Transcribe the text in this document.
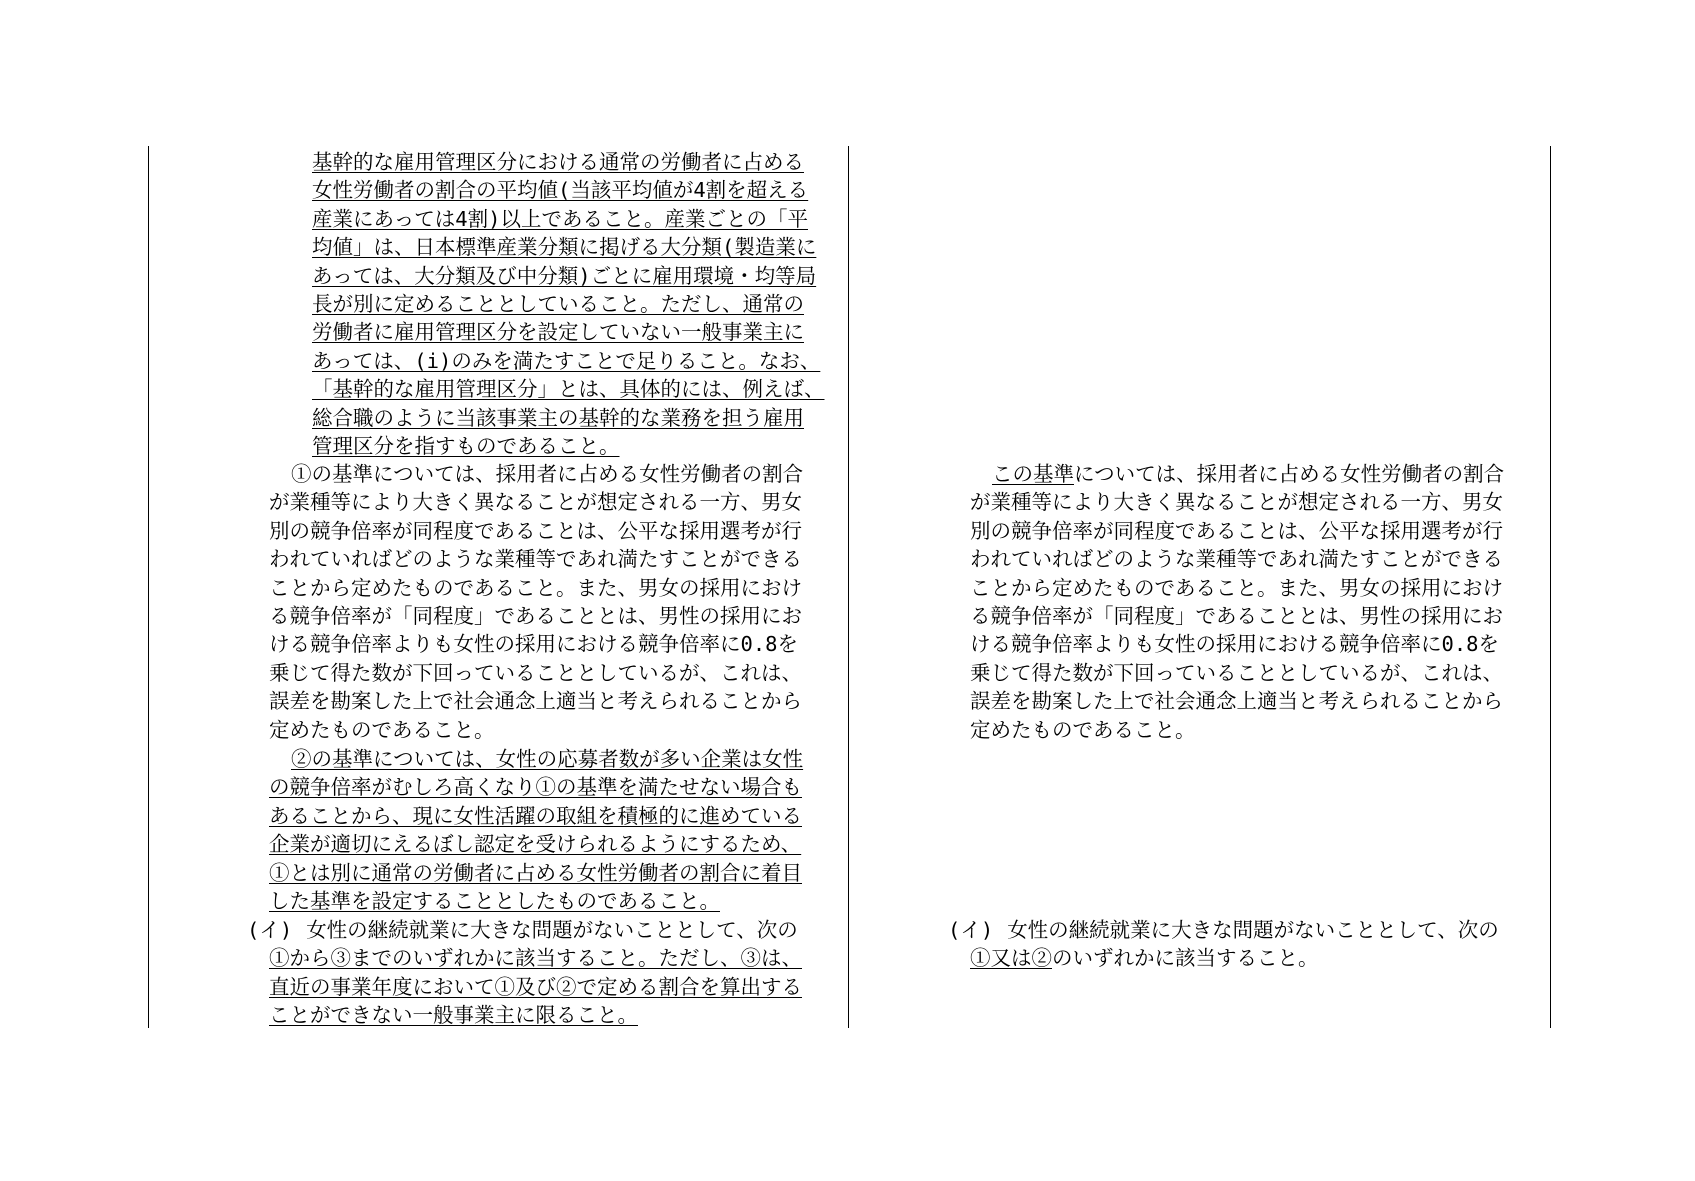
基幹的な雇用管理区分における通常の労働者に占める
女性労働者の割合の平均値(当該平均値が4割を超える
産業にあっては4割)以上であること。産業ごとの「平
均値」は、日本標準産業分類に掲げる大分類(製造業に
あっては、大分類及び中分類)ごとに雇用環境・均等局
長が別に定めることとしていること。ただし、通常の
労働者に雇用管理区分を設定していない一般事業主に
あっては、(i)のみを満たすことで足りること。なお、
「基幹的な雇用管理区分」とは、具体的には、例えば、
総合職のように当該事業主の基幹的な業務を担う雇用
管理区分を指すものであること。
①の基準については、採用者に占める女性労働者の割合
が業種等により大きく異なることが想定される一方、男女
別の競争倍率が同程度であることは、公平な採用選考が行
われていればどのような業種等であれ満たすことができる
ことから定めたものであること。また、男女の採用におけ
る競争倍率が「同程度」であることとは、男性の採用にお
ける競争倍率よりも女性の採用における競争倍率に0.8を
乗じて得た数が下回っていることとしているが、これは、
誤差を勘案した上で社会通念上適当と考えられることから
定めたものであること。
②の基準については、女性の応募者数が多い企業は女性
の競争倍率がむしろ高くなり①の基準を満たせない場合も
あることから、現に女性活躍の取組を積極的に進めている
企業が適切にえるぼし認定を受けられるようにするため、
①とは別に通常の労働者に占める女性労働者の割合に着目
した基準を設定することとしたものであること。
(イ) 女性の継続就業に大きな問題がないこととして、次の
①から③までのいずれかに該当すること。ただし、③は、
直近の事業年度において①及び②で定める割合を算出する
ことができない一般事業主に限ること。
この基準については、採用者に占める女性労働者の割合
が業種等により大きく異なることが想定される一方、男女
別の競争倍率が同程度であることは、公平な採用選考が行
われていればどのような業種等であれ満たすことができる
ことから定めたものであること。また、男女の採用におけ
る競争倍率が「同程度」であることとは、男性の採用にお
ける競争倍率よりも女性の採用における競争倍率に0.8を
乗じて得た数が下回っていることとしているが、これは、
誤差を勘案した上で社会通念上適当と考えられることから
定めたものであること。
(イ) 女性の継続就業に大きな問題がないこととして、次の
①又は②のいずれかに該当すること。
